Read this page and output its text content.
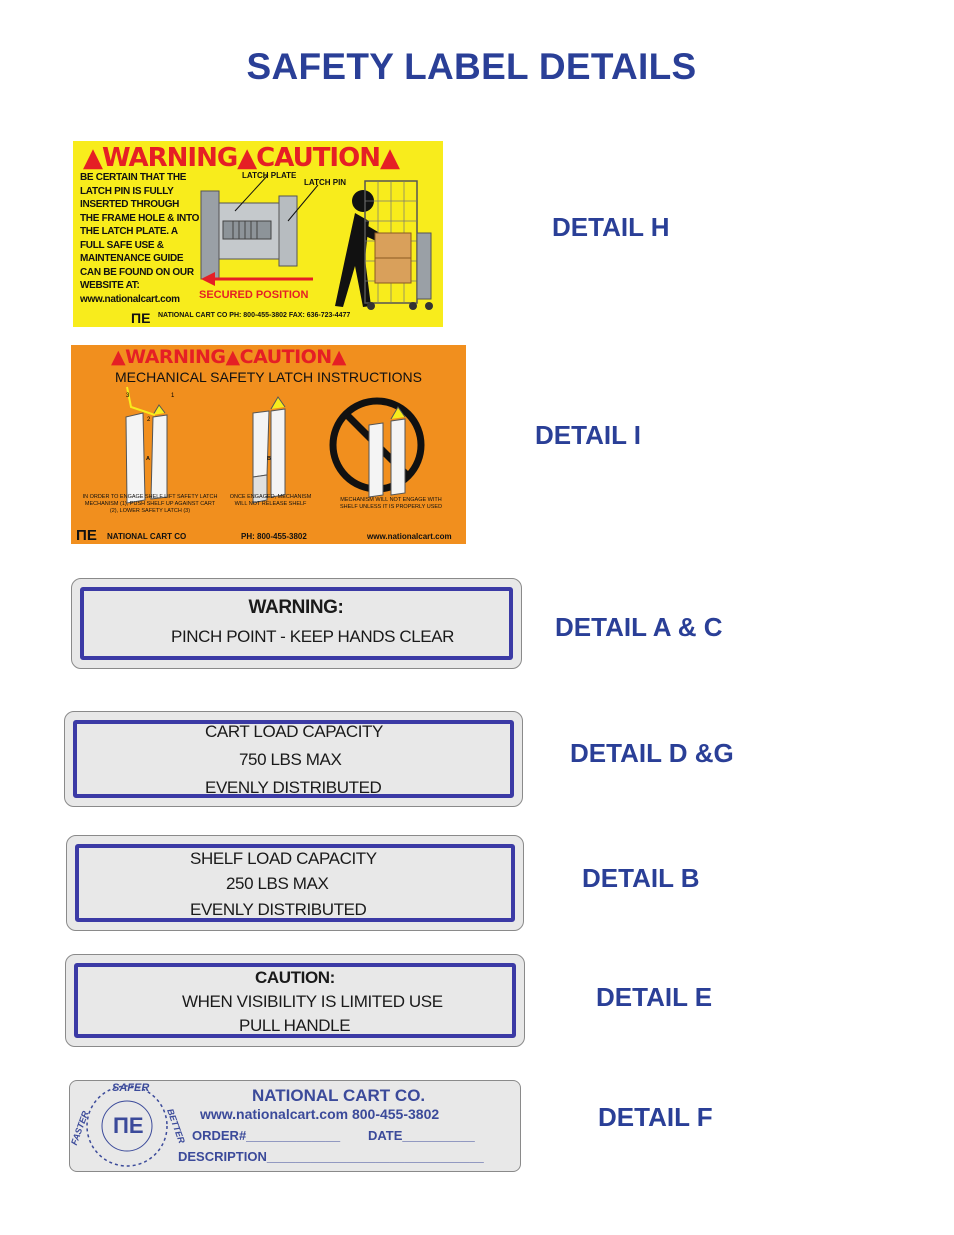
SAFETY LABEL DETAILS
ΠΕ
▲WARNING▲CAUTION▲
BE CERTAIN THAT THE LATCH PIN IS FULLY INSERTED THROUGH THE FRAME HOLE & INTO THE LATCH PLATE. A FULL SAFE USE & MAINTENANCE GUIDE CAN BE FOUND ON OUR WEBSITE AT: www.nationalcart.com
LATCH PLATE
LATCH PIN
SECURED POSITION
NATIONAL CART CO PH: 800-455-3802 FAX: 636-723-4477
DETAIL H
3	1
2
ΠΕ
▲WARNING▲CAUTION▲
MECHANICAL SAFETY LATCH INSTRUCTIONS
A	B
IN ORDER TO ENGAGE SHELF LIFT SAFETY LATCH MECHANISM (1), PUSH SHELF UP AGAINST CART (2), LOWER SAFETY LATCH (3)
ONCE ENGAGED, MECHANISM WILL NOT RELEASE SHELF
MECHANISM WILL NOT ENGAGE WITH SHELF UNLESS IT IS PROPERLY USED
NATIONAL CART CO	PH: 800-455-3802	www.nationalcart.com
DETAIL I
WARNING:
PINCH POINT - KEEP HANDS CLEAR	DETAIL A & C
CART LOAD CAPACITY
750 LBS MAX
EVENLY DISTRIBUTED
DETAIL D &G
SHELF LOAD CAPACITY
250 LBS MAX
EVENLY DISTRIBUTED
DETAIL B
CAUTION:
WHEN VISIBILITY IS LIMITED USE
PULL HANDLE
DETAIL E
ΠΕ
SAFER
BETTER
FASTER
NATIONAL CART CO.
www.nationalcart.com 800-455-3802
ORDER#_____________ DATE__________
DESCRIPTION______________________________
DETAIL F
